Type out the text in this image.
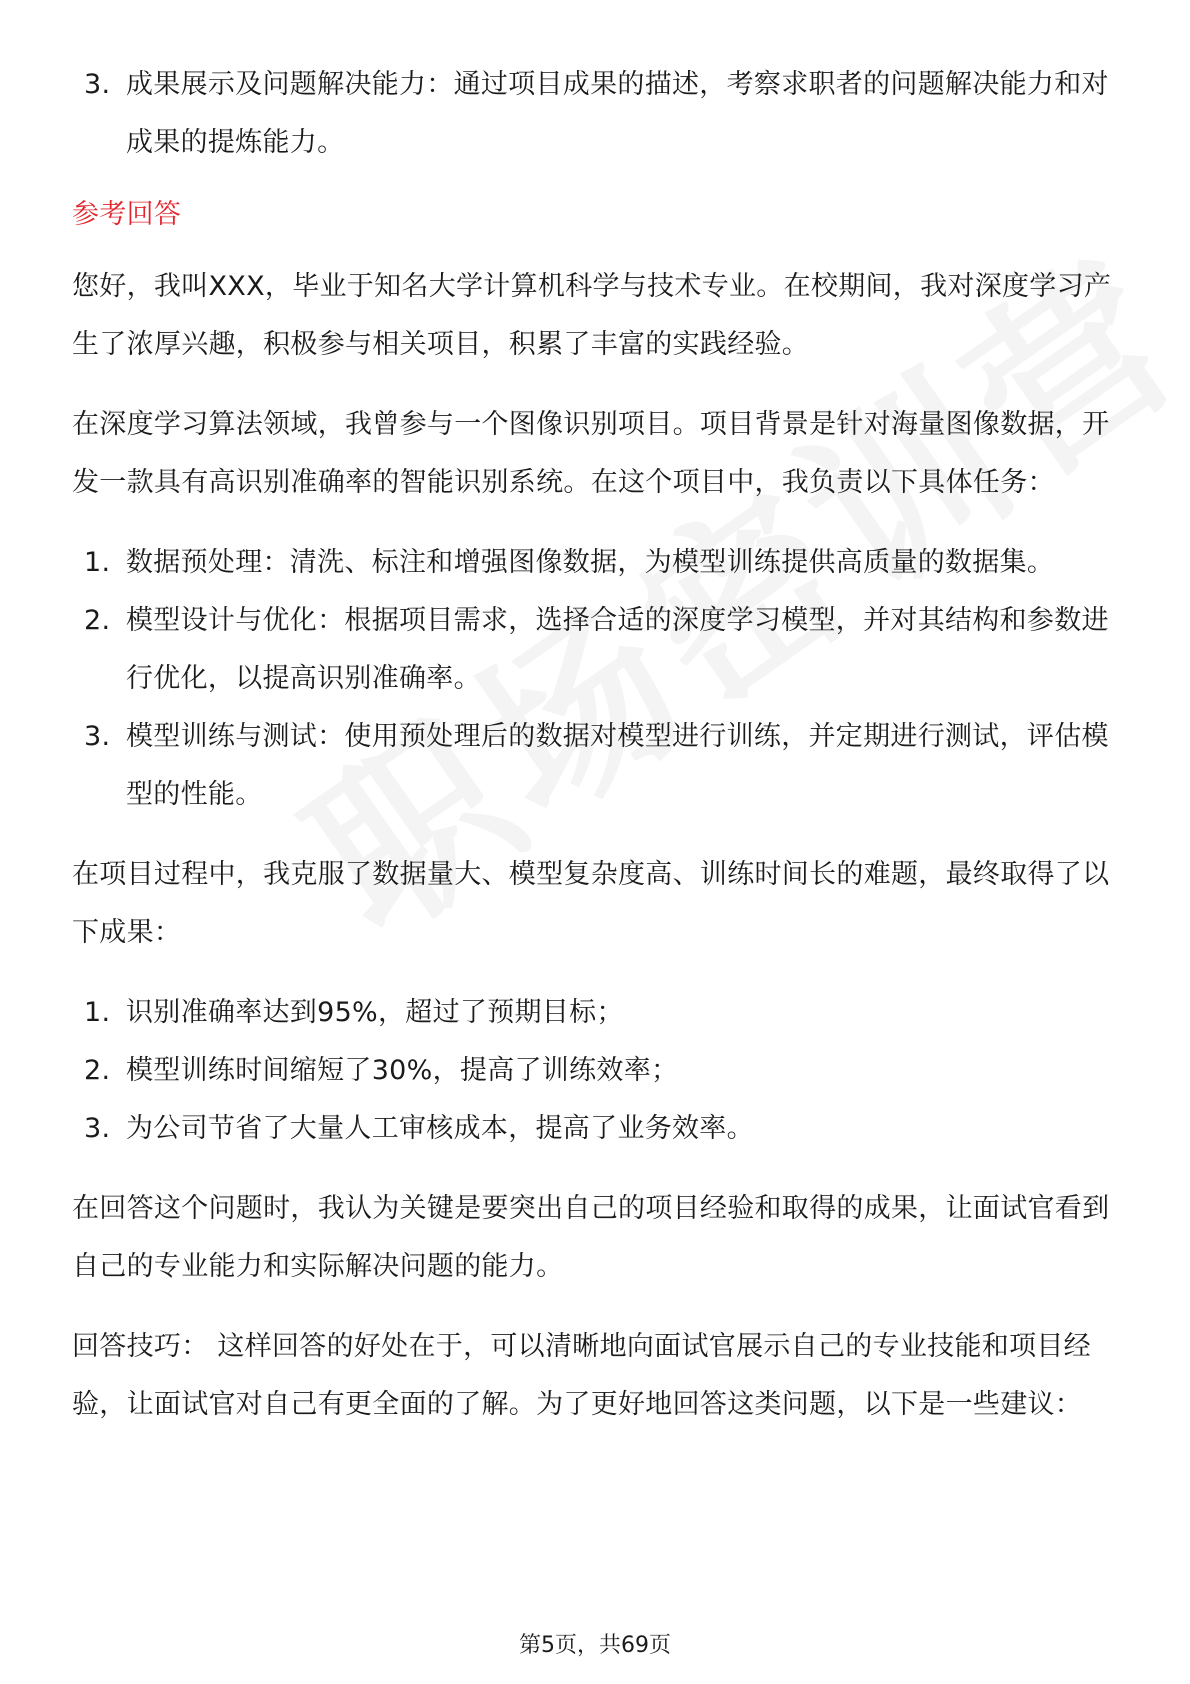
3. 成果展示及问题解决能力：通过项目成果的描述，考察求职者的问题解决能力和对成果的提炼能力。

参考回答

您好，我叫XXX，毕业于知名大学计算机科学与技术专业。在校期间，我对深度学习产生了浓厚兴趣，积极参与相关项目，积累了丰富的实践经验。

在深度学习算法领域，我曾参与一个图像识别项目。项目背景是针对海量图像数据，开发一款具有高识别准确率的智能识别系统。在这个项目中，我负责以下具体任务：

1. 数据预处理：清洗、标注和增强图像数据，为模型训练提供高质量的数据集。
2. 模型设计与优化：根据项目需求，选择合适的深度学习模型，并对其结构和参数进行优化，以提高识别准确率。
3. 模型训练与测试：使用预处理后的数据对模型进行训练，并定期进行测试，评估模型的性能。

在项目过程中，我克服了数据量大、模型复杂度高、训练时间长的难题，最终取得了以下成果：

1. 识别准确率达到95%，超过了预期目标；
2. 模型训练时间缩短了30%，提高了训练效率；
3. 为公司节省了大量人工审核成本，提高了业务效率。

在回答这个问题时，我认为关键是要突出自己的项目经验和取得的成果，让面试官看到自己的专业能力和实际解决问题的能力。

回答技巧： 这样回答的好处在于，可以清晰地向面试官展示自己的专业技能和项目经验，让面试官对自己有更全面的了解。为了更好地回答这类问题，以下是一些建议：

第5页，共69页
